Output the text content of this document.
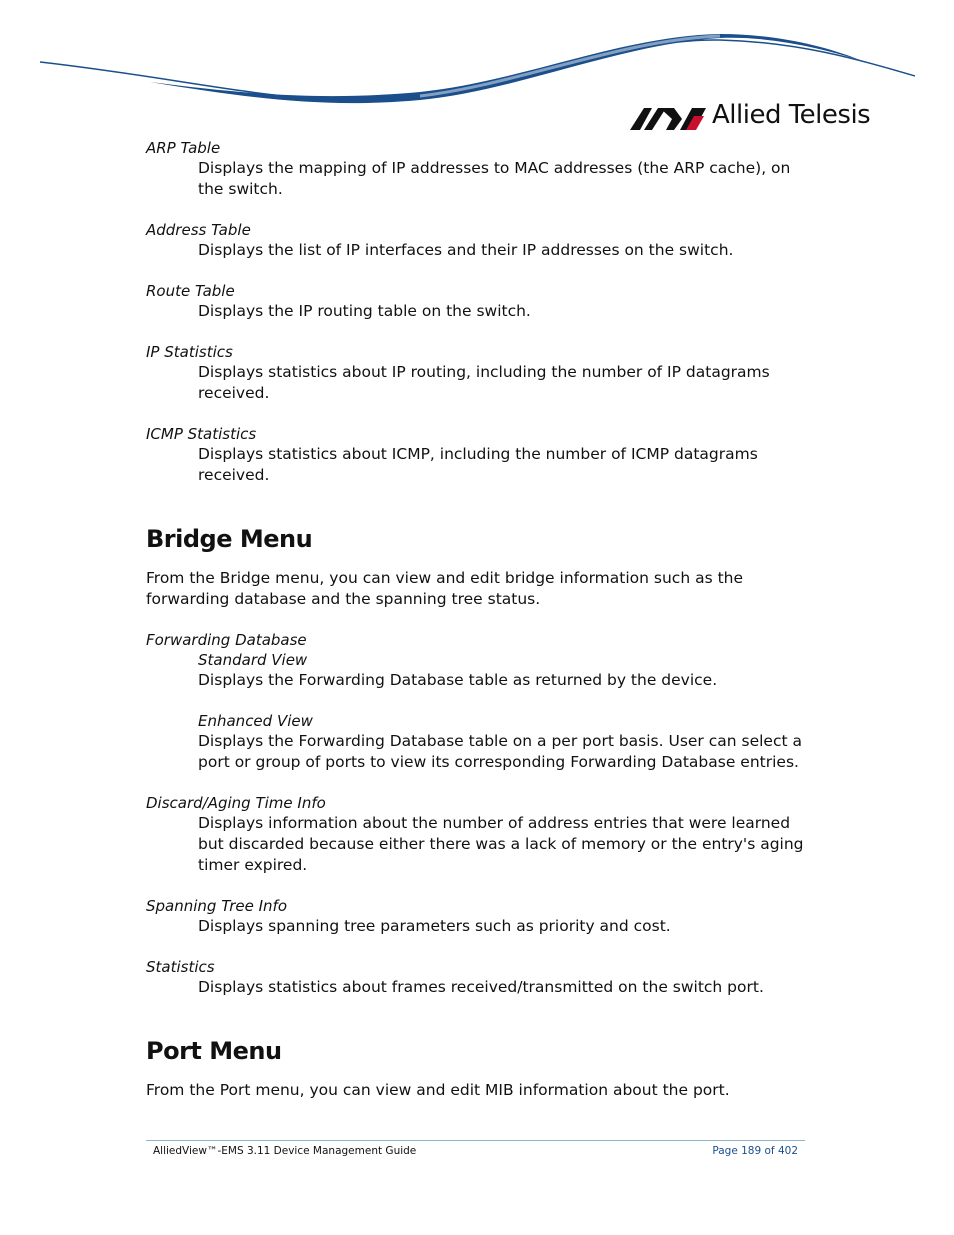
Allied Telesis

ARP Table

Displays the mapping of IP addresses to MAC addresses (the ARP cache), on the switch.

Address Table

Displays the list of IP interfaces and their IP addresses on the switch.

Route Table

Displays the IP routing table on the switch.

IP Statistics

Displays statistics about IP routing, including the number of IP datagrams received.

ICMP Statistics

Displays statistics about ICMP, including the number of ICMP datagrams received.

Bridge Menu

From the Bridge menu, you can view and edit bridge information such as the forwarding database and the spanning tree status.

Forwarding Database

Standard View

Displays the Forwarding Database table as returned by the device.

Enhanced View

Displays the Forwarding Database table on a per port basis. User can select a port or group of ports to view its corresponding Forwarding Database entries.

Discard/Aging Time Info

Displays information about the number of address entries that were learned but discarded because either there was a lack of memory or the entry's aging timer expired.

Spanning Tree Info

Displays spanning tree parameters such as priority and cost.

Statistics

Displays statistics about frames received/transmitted on the switch port.

Port Menu

From the Port menu, you can view and edit MIB information about the port.

AlliedView™-EMS 3.11 Device Management Guide	Page 189 of 402
